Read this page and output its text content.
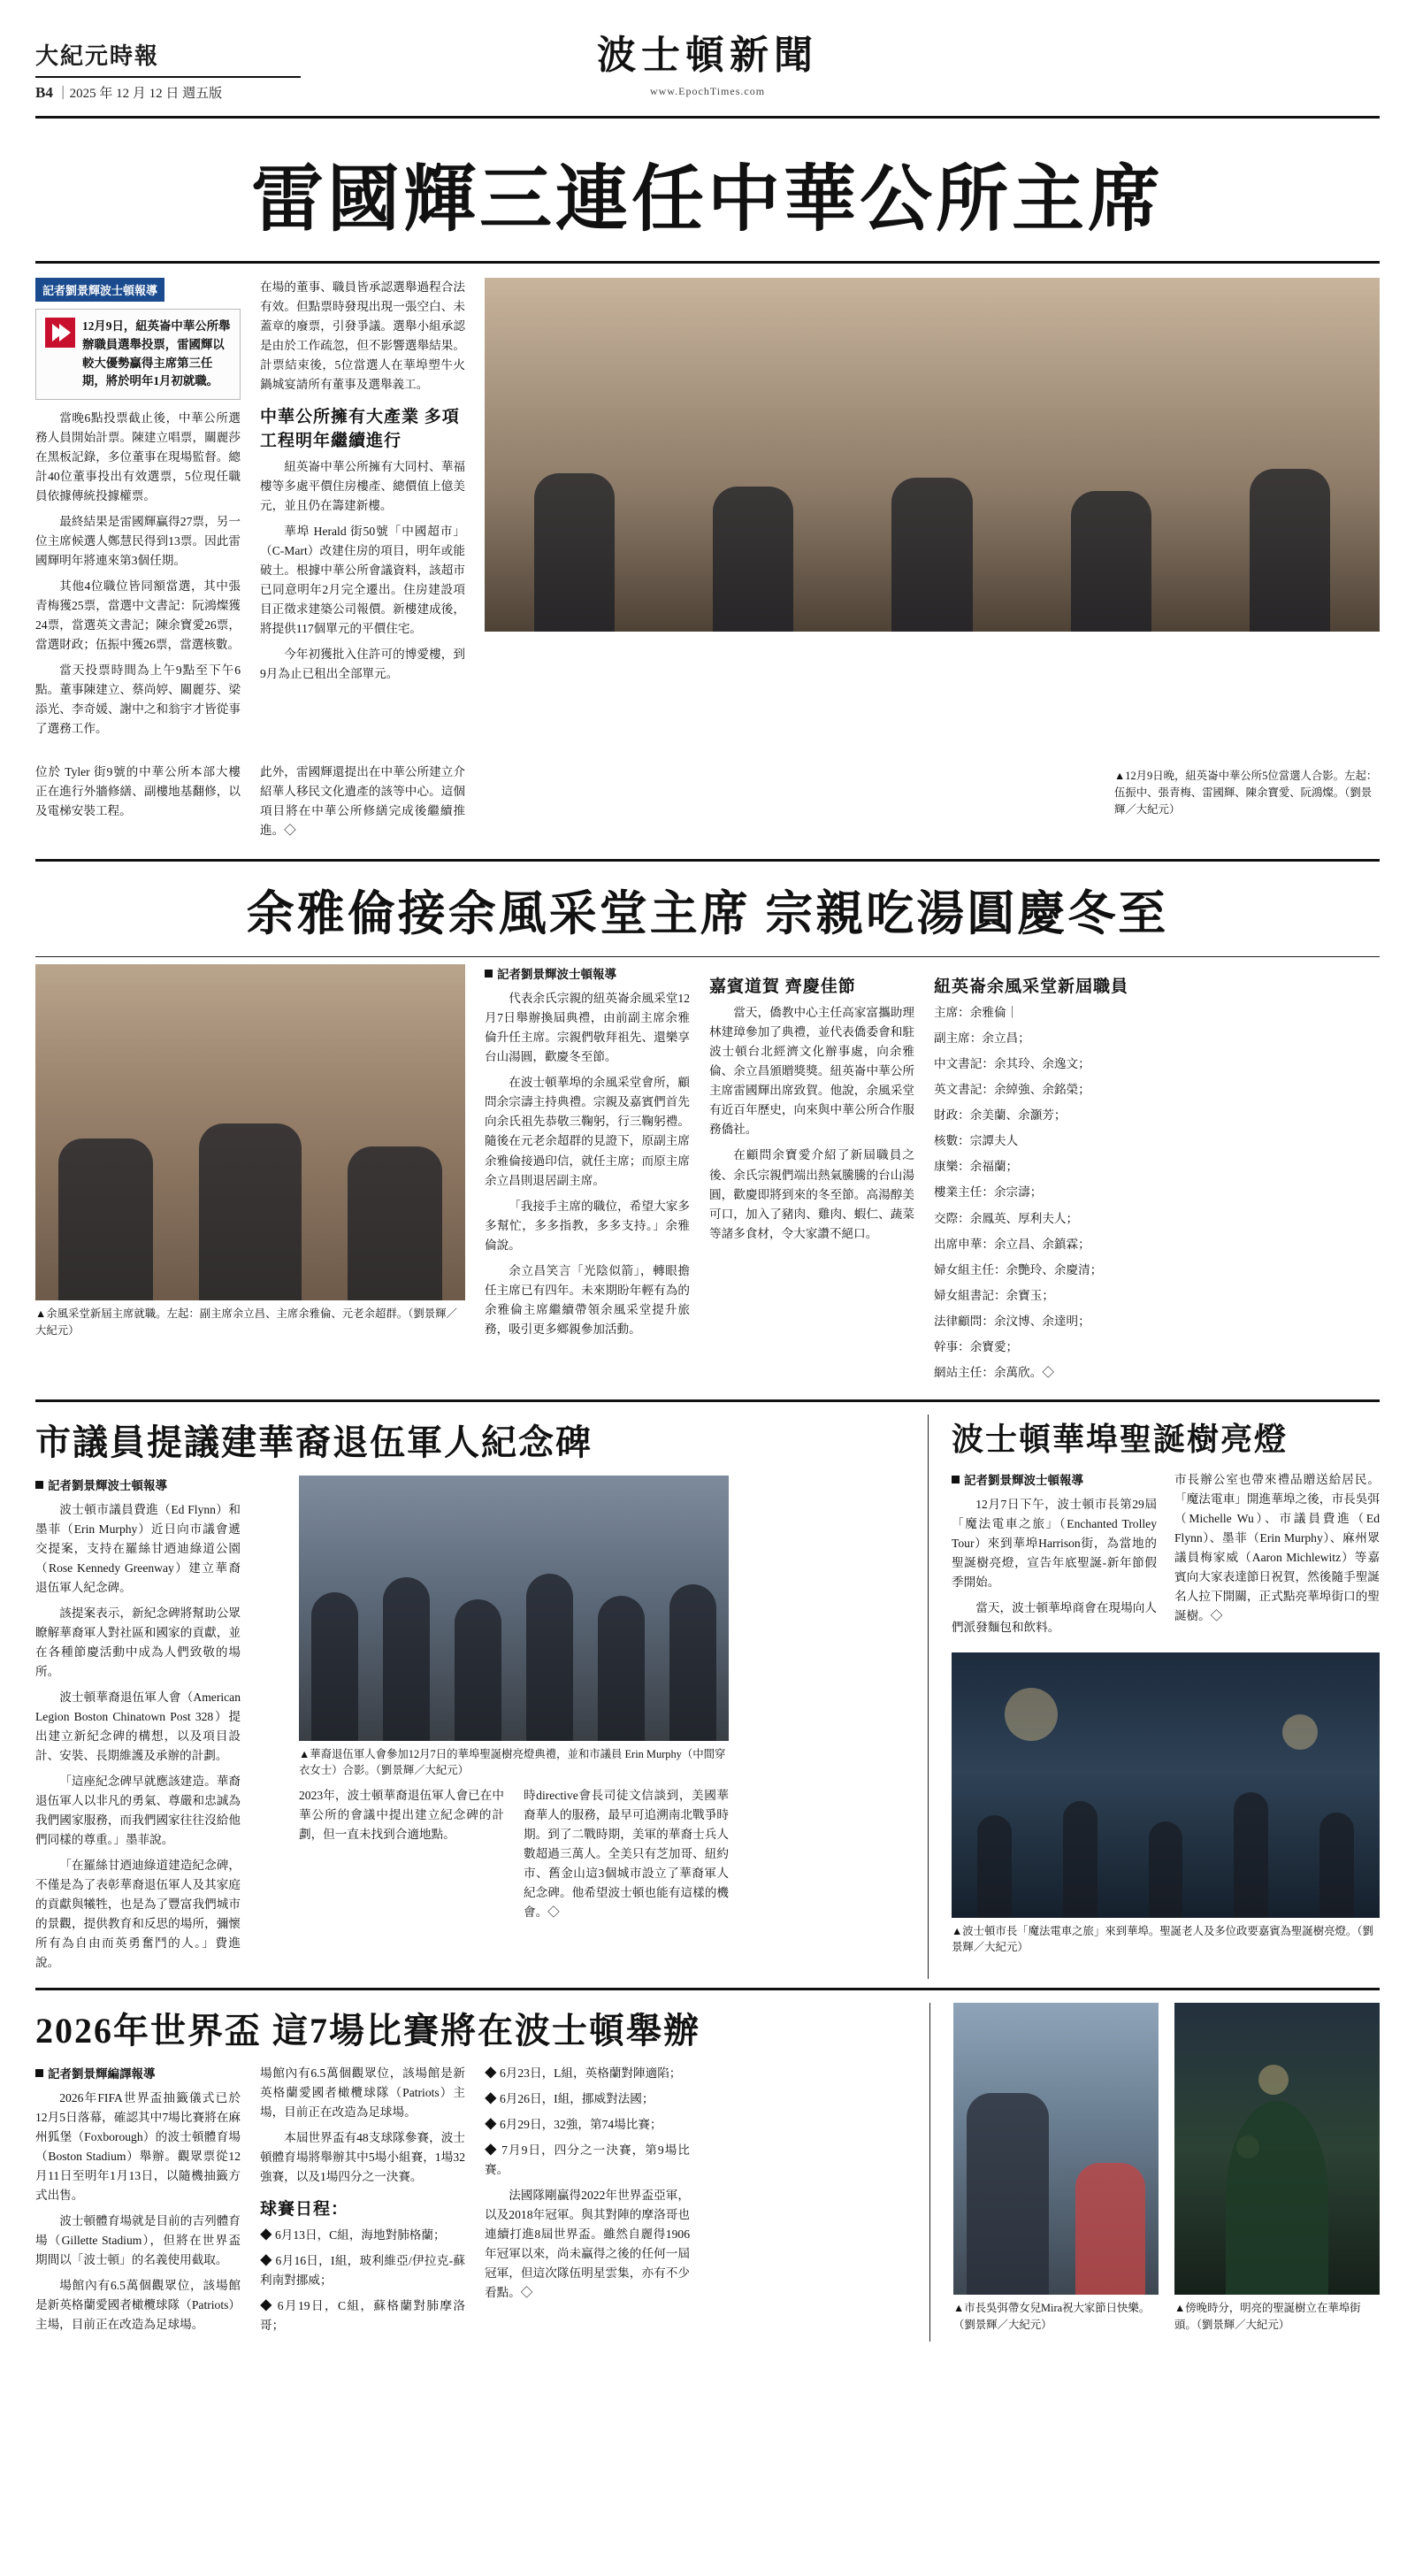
大紀元時報
B4 ｜2025 年 12 月 12 日 週五版
波士頓新聞
www.EpochTimes.com
雷國輝三連任中華公所主席
記者劉景輝波士頓報導
12月9日，紐英崙中華公所舉辦職員選舉投票，雷國輝以較大優勢贏得主席第三任期，將於明年1月初就職。

當晚6點投票截止後，中華公所選務人員開始計票。陳建立唱票，關麗莎在黑板記錄，多位董事在現場監督。總計40位董事投出有效選票，5位現任職員依據傳統投據權票。

最終結果是雷國輝贏得27票，另一位主席候選人鄭慧民得到13票。因此雷國輝明年將連來第3個任期。

其他4位職位皆同額當選，其中張青梅獲25票，當選中文書記：阮鴻燦獲24票，當選英文書記；陳余寶愛26票，當選財政；伍振中獲26票，當選核數。

當天投票時間為上午9點至下午6點。董事陳建立、蔡尚婷、關麗芬、梁添光、李奇媛、謝中之和翁宇才皆從事了選務工作。

在場的董事、職員皆承認選舉過程合法有效。但點票時發現出現一張空白、未蓋章的廢票，引發爭議。選舉小組承認是由於工作疏忽，但不影響選舉結果。計票結束後，5位當選人在華埠塑牛火鍋城宴請所有董事及選舉義工。

中華公所擁有大產業 多項工程明年繼續進行

紐英崙中華公所擁有大同村、華福樓等多處平價住房樓產、總價值上億美元，並且仍在籌建新樓。

華埠 Herald 街50號「中國超市」（C-Mart）改建住房的項目，明年或能破土。根據中華公所會議資料，該超市已同意明年2月完全遷出。住房建設項目正徵求建築公司報價。新樓建成後，將提供117個單元的平價住宅。

今年初獲批入住許可的博愛樓，到9月為止已租出全部單元。

位於 Tyler 街9號的中華公所本部大樓正在進行外牆修繕、副樓地基翻修，以及電梯安裝工程。

此外，雷國輝還提出在中華公所建立介紹華人移民文化遺產的該等中心。這個項目將在中華公所修繕完成後繼續推進。◇

▲12月9日晚，紐英崙中華公所5位當選人合影。左起：伍振中、張青梅、雷國輝、陳余寶愛、阮鴻燦。（劉景輝／大紀元）
余雅倫接余風采堂主席 宗親吃湯圓慶冬至
▲余風采堂新屆主席就職。左起：副主席余立昌、主席余雅倫、元老余超群。（劉景輝／大紀元）
記者劉景輝波士頓報導

代表余氏宗親的紐英崙余風采堂12月7日舉辦換屆典禮，由前副主席余雅倫升任主席。宗親們敬拜祖先、還樂享台山湯圓，歡慶冬至節。

在波士頓華埠的余風采堂會所，顧問余宗濤主持典禮。宗親及嘉賓們首先向余氏祖先恭敬三鞠躬，行三鞠躬禮。隨後在元老余超群的見證下，原副主席余雅倫接過印信，就任主席；而原主席余立昌則退居副主席。

「我接手主席的職位，希望大家多多幫忙，多多指教，多多支持。」余雅倫說。

余立昌笑言「光陰似箭」，轉眼擔任主席已有四年。未來期盼年輕有為的余雅倫主席繼續帶領余風采堂提升旅務，吸引更多鄉親參加活動。

嘉賓道賀 齊慶佳節

當天，僑教中心主任高家富攜助理林建璋參加了典禮，並代表僑委會和駐波士頓台北經濟文化辦事處，向余雅倫、余立昌頒贈獎獎。紐英崙中華公所主席雷國輝出席致賀。他說，余風采堂有近百年歷史，向來與中華公所合作服務僑社。

在顧問余寶愛介紹了新屆職員之後、余氏宗親們端出熱氣騰騰的台山湯圓，歡慶即將到來的冬至節。高湯醇美可口，加入了豬肉、雞肉、蝦仁、蔬菜等諸多食材，令大家讚不絕口。

紐英崙余風采堂新屆職員

主席：余雅倫｜

副主席：余立昌；

中文書記：余其玲、余逸文；

英文書記：余綽強、余銘榮；

財政：余美蘭、余灝芳；

核數：宗譚夫人

康樂：余福蘭；

樓業主任：余宗濤；

交際：余鳳英、厚利夫人；

出席申華：余立昌、余鎮霖；

婦女組主任：余艷玲、余慶清；

婦女組書記：余寶玉；

法律顧問：余汶博、余達明；

幹事：余寶愛；

網站主任：余萬欣。◇

市議員提議建華裔退伍軍人紀念碑
記者劉景輝波士頓報導

波士頓市議員費進（Ed Flynn）和墨菲（Erin Murphy）近日向市議會遞交提案，支持在羅絲甘迺迪綠道公園（Rose Kennedy Greenway）建立華裔退伍軍人紀念碑。

該提案表示，新紀念碑將幫助公眾瞭解華裔軍人對社區和國家的貢獻，並在各種節慶活動中成為人們致敬的場所。

波士頓華裔退伍軍人會（American Legion Boston Chinatown Post 328）提出建立新紀念碑的構想，以及項目設計、安裝、長期維護及承辦的計劃。

「這座紀念碑早就應該建造。華裔退伍軍人以非凡的勇氣、尊嚴和忠誠為我們國家服務，而我們國家往往沒給他們同樣的尊重。」墨菲說。

「在羅絲甘迺迪綠道建造紀念碑，不僅是為了表彰華裔退伍軍人及其家庭的貢獻與犧牲，也是為了豐富我們城市的景觀，提供教育和反思的場所，彌懷所有為自由而英勇奮鬥的人。」費進說。

▲華裔退伍軍人會參加12月7日的華埠聖誕樹亮燈典禮，並和市議員 Erin Murphy（中間穿衣女士）合影。（劉景輝／大紀元）

2023年，波士頓華裔退伍軍人會已在中華公所的會議中提出建立紀念碑的計劃，但一直未找到合適地點。

時directive會長司徒文信談到，美國華裔華人的服務，最早可追溯南北戰爭時期。到了二戰時期，美軍的華裔士兵人數超過三萬人。全美只有芝加哥、紐約市、舊金山這3個城市設立了華裔軍人紀念碑。他希望波士頓也能有這樣的機會。◇

波士頓華埠聖誕樹亮燈
記者劉景輝波士頓報導

12月7日下午，波士頓市長第29屆「魔法電車之旅」（Enchanted Trolley Tour）來到華埠Harrison街，為當地的聖誕樹亮燈，宣告年底聖誕-新年節假季開始。

當天，波士頓華埠商會在現場向人們派發麵包和飲料。

市長辦公室也帶來禮品贈送給居民。「魔法電車」開進華埠之後，市長吳弭（Michelle Wu）、市議員費進（Ed Flynn）、墨菲（Erin Murphy）、麻州眾議員梅家威（Aaron Michlewitz）等嘉賓向大家表達節日祝賀，然後隨手聖誕名人拉下開關，正式點亮華埠街口的聖誕樹。◇

▲波士頓市長「魔法電車之旅」來到華埠。聖誕老人及多位政要嘉賓為聖誕樹亮燈。（劉景輝／大紀元）
2026年世界盃 這7場比賽將在波士頓舉辦
記者劉景輝編譯報導

2026年FIFA世界盃抽籤儀式已於12月5日落幕，確認其中7場比賽將在麻州狐堡（Foxborough）的波士頓體育場（Boston Stadium）舉辦。觀眾票從12月11日至明年1月13日，以隨機抽籤方式出售。

波士頓體育場就是目前的吉列體育場（Gillette Stadium），但將在世界盃期間以「波士頓」的名義使用截取。

場館內有6.5萬個觀眾位，該場館是新英格蘭愛國者橄欖球隊（Patriots）主場，目前正在改造為足球場。

場館內有6.5萬個觀眾位，該場館是新英格蘭愛國者橄欖球隊（Patriots）主場，目前正在改造為足球場。

本屆世界盃有48支球隊參賽，波士頓體育場將舉辦其中5場小組賽，1場32強賽，以及1場四分之一決賽。

球賽日程：

◆ 6月13日，C組，海地對肺格蘭；

◆ 6月16日，I組，玻利維亞/伊拉克-蘇利南對挪威；

◆ 6月19日，C組，蘇格蘭對肺摩洛哥；

◆ 6月23日，L組，英格蘭對陣適陷；

◆ 6月26日，I組，挪威對法國；

◆ 6月29日，32強，第74場比賽；

◆ 7月9日，四分之一決賽，第9場比賽。

法國隊剛贏得2022年世界盃亞軍，以及2018年冠軍。與其對陣的摩洛哥也連續打進8屆世界盃。雖然自麗得1906年冠軍以來，尚未贏得之後的任何一屆冠軍，但這次隊伍明星雲集，亦有不少看點。◇

▲市長吳弭帶女兒Mira祝大家節日快樂。（劉景輝／大紀元）
▲傍晚時分，明亮的聖誕樹立在華埠街頭。（劉景輝／大紀元）
